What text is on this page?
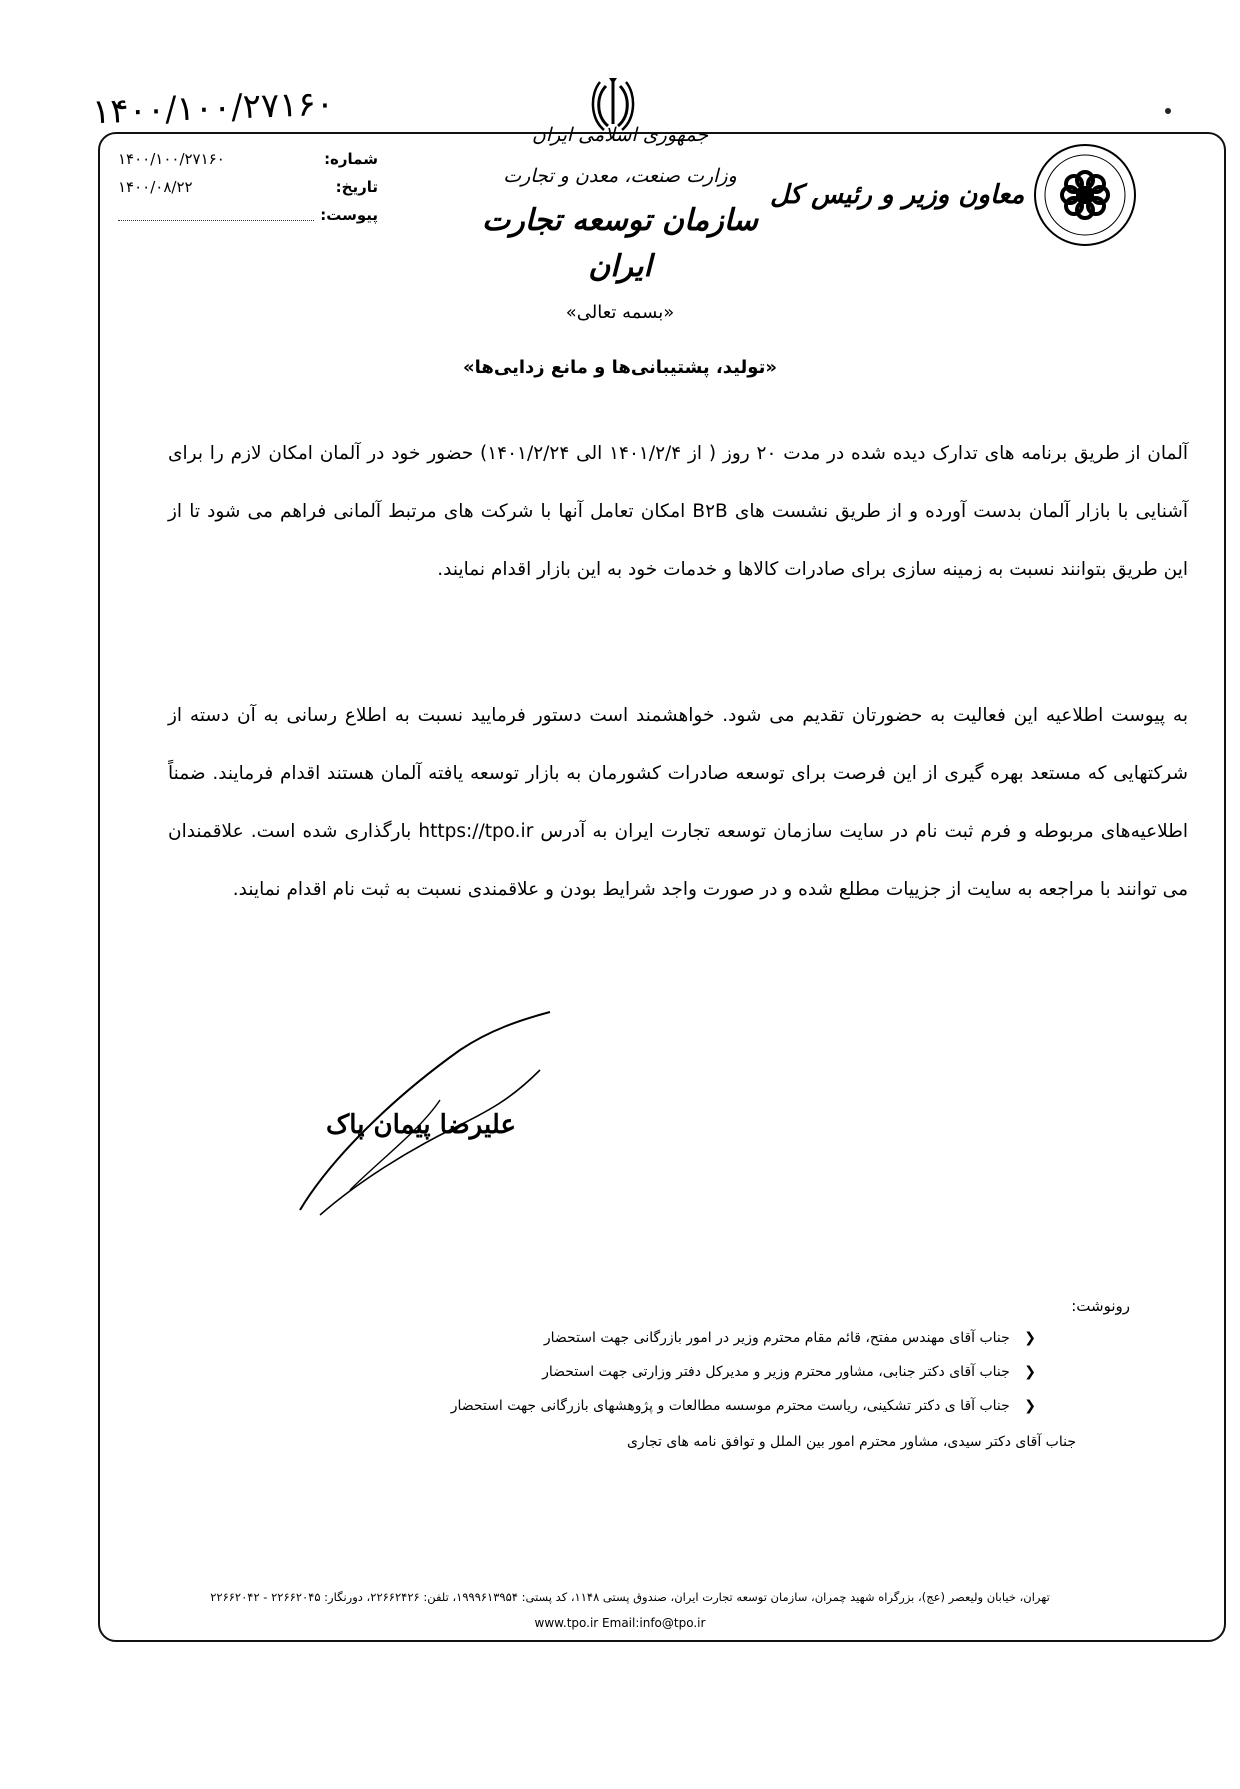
۱۴۰۰/۱۰۰/۲۷۱۶۰
شماره:
۱۴۰۰/۱۰۰/۲۷۱۶۰
تاریخ:
۱۴۰۰/۰۸/۲۲
پیوست:
جمهوری اسلامی ایران
وزارت صنعت، معدن و تجارت
سازمان توسعه تجارت ایران
معاون وزیر و رئیس کل
«بسمه تعالی»
«تولید، پشتیبانی‌ها و مانع زدایی‌ها»
آلمان از طریق برنامه های تدارک دیده شده در مدت ۲۰ روز ( از ۱۴۰۱/۲/۴ الی ۱۴۰۱/۲/۲۴) حضور خود در آلمان امکان لازم را برای آشنایی با بازار آلمان بدست آورده و از طریق نشست های B۲B امکان تعامل آنها با شرکت های مرتبط آلمانی فراهم می شود تا از این طریق بتوانند نسبت به زمینه سازی برای صادرات کالاها و خدمات خود به این بازار اقدام نمایند.
به پیوست اطلاعیه این فعالیت به حضورتان تقدیم می شود. خواهشمند است دستور فرمایید نسبت به اطلاع رسانی به آن دسته از شرکتهایی که مستعد بهره گیری از این فرصت برای توسعه صادرات کشورمان به بازار توسعه یافته آلمان هستند اقدام فرمایند. ضمناً اطلاعیه‌های مربوطه و فرم ثبت نام در سایت سازمان توسعه تجارت ایران به آدرس https://tpo.ir بارگذاری شده است. علاقمندان می توانند با مراجعه به سایت از جزییات مطلع شده و در صورت واجد شرایط بودن و علاقمندی نسبت به ثبت نام اقدام نمایند.
علیرضا پیمان پاک
رونوشت:
❮ جناب آقای مهندس مفتح، قائم مقام محترم وزیر در امور بازرگانی جهت استحضار
❮ جناب آقای دکتر جنابی، مشاور محترم وزیر و مدیرکل دفتر وزارتی جهت استحضار
❮ جناب آقا ی دکتر تشکینی، ریاست محترم موسسه مطالعات و پژوهشهای بازرگانی جهت استحضار
جناب آقای دکتر سیدی، مشاور محترم امور بین الملل و توافق نامه های تجاری
تهران، خیابان ولیعصر (عج)، بزرگراه شهید چمران، سازمان توسعه تجارت ایران، صندوق پستی ۱۱۴۸، کد پستی: ۱۹۹۹۶۱۳۹۵۴، تلفن: ۲۲۶۶۲۴۲۶، دورنگار: ۲۲۶۶۲۰۴۵ - ۲۲۶۶۲۰۴۲
www.tpo.ir Email:info@tpo.ir
